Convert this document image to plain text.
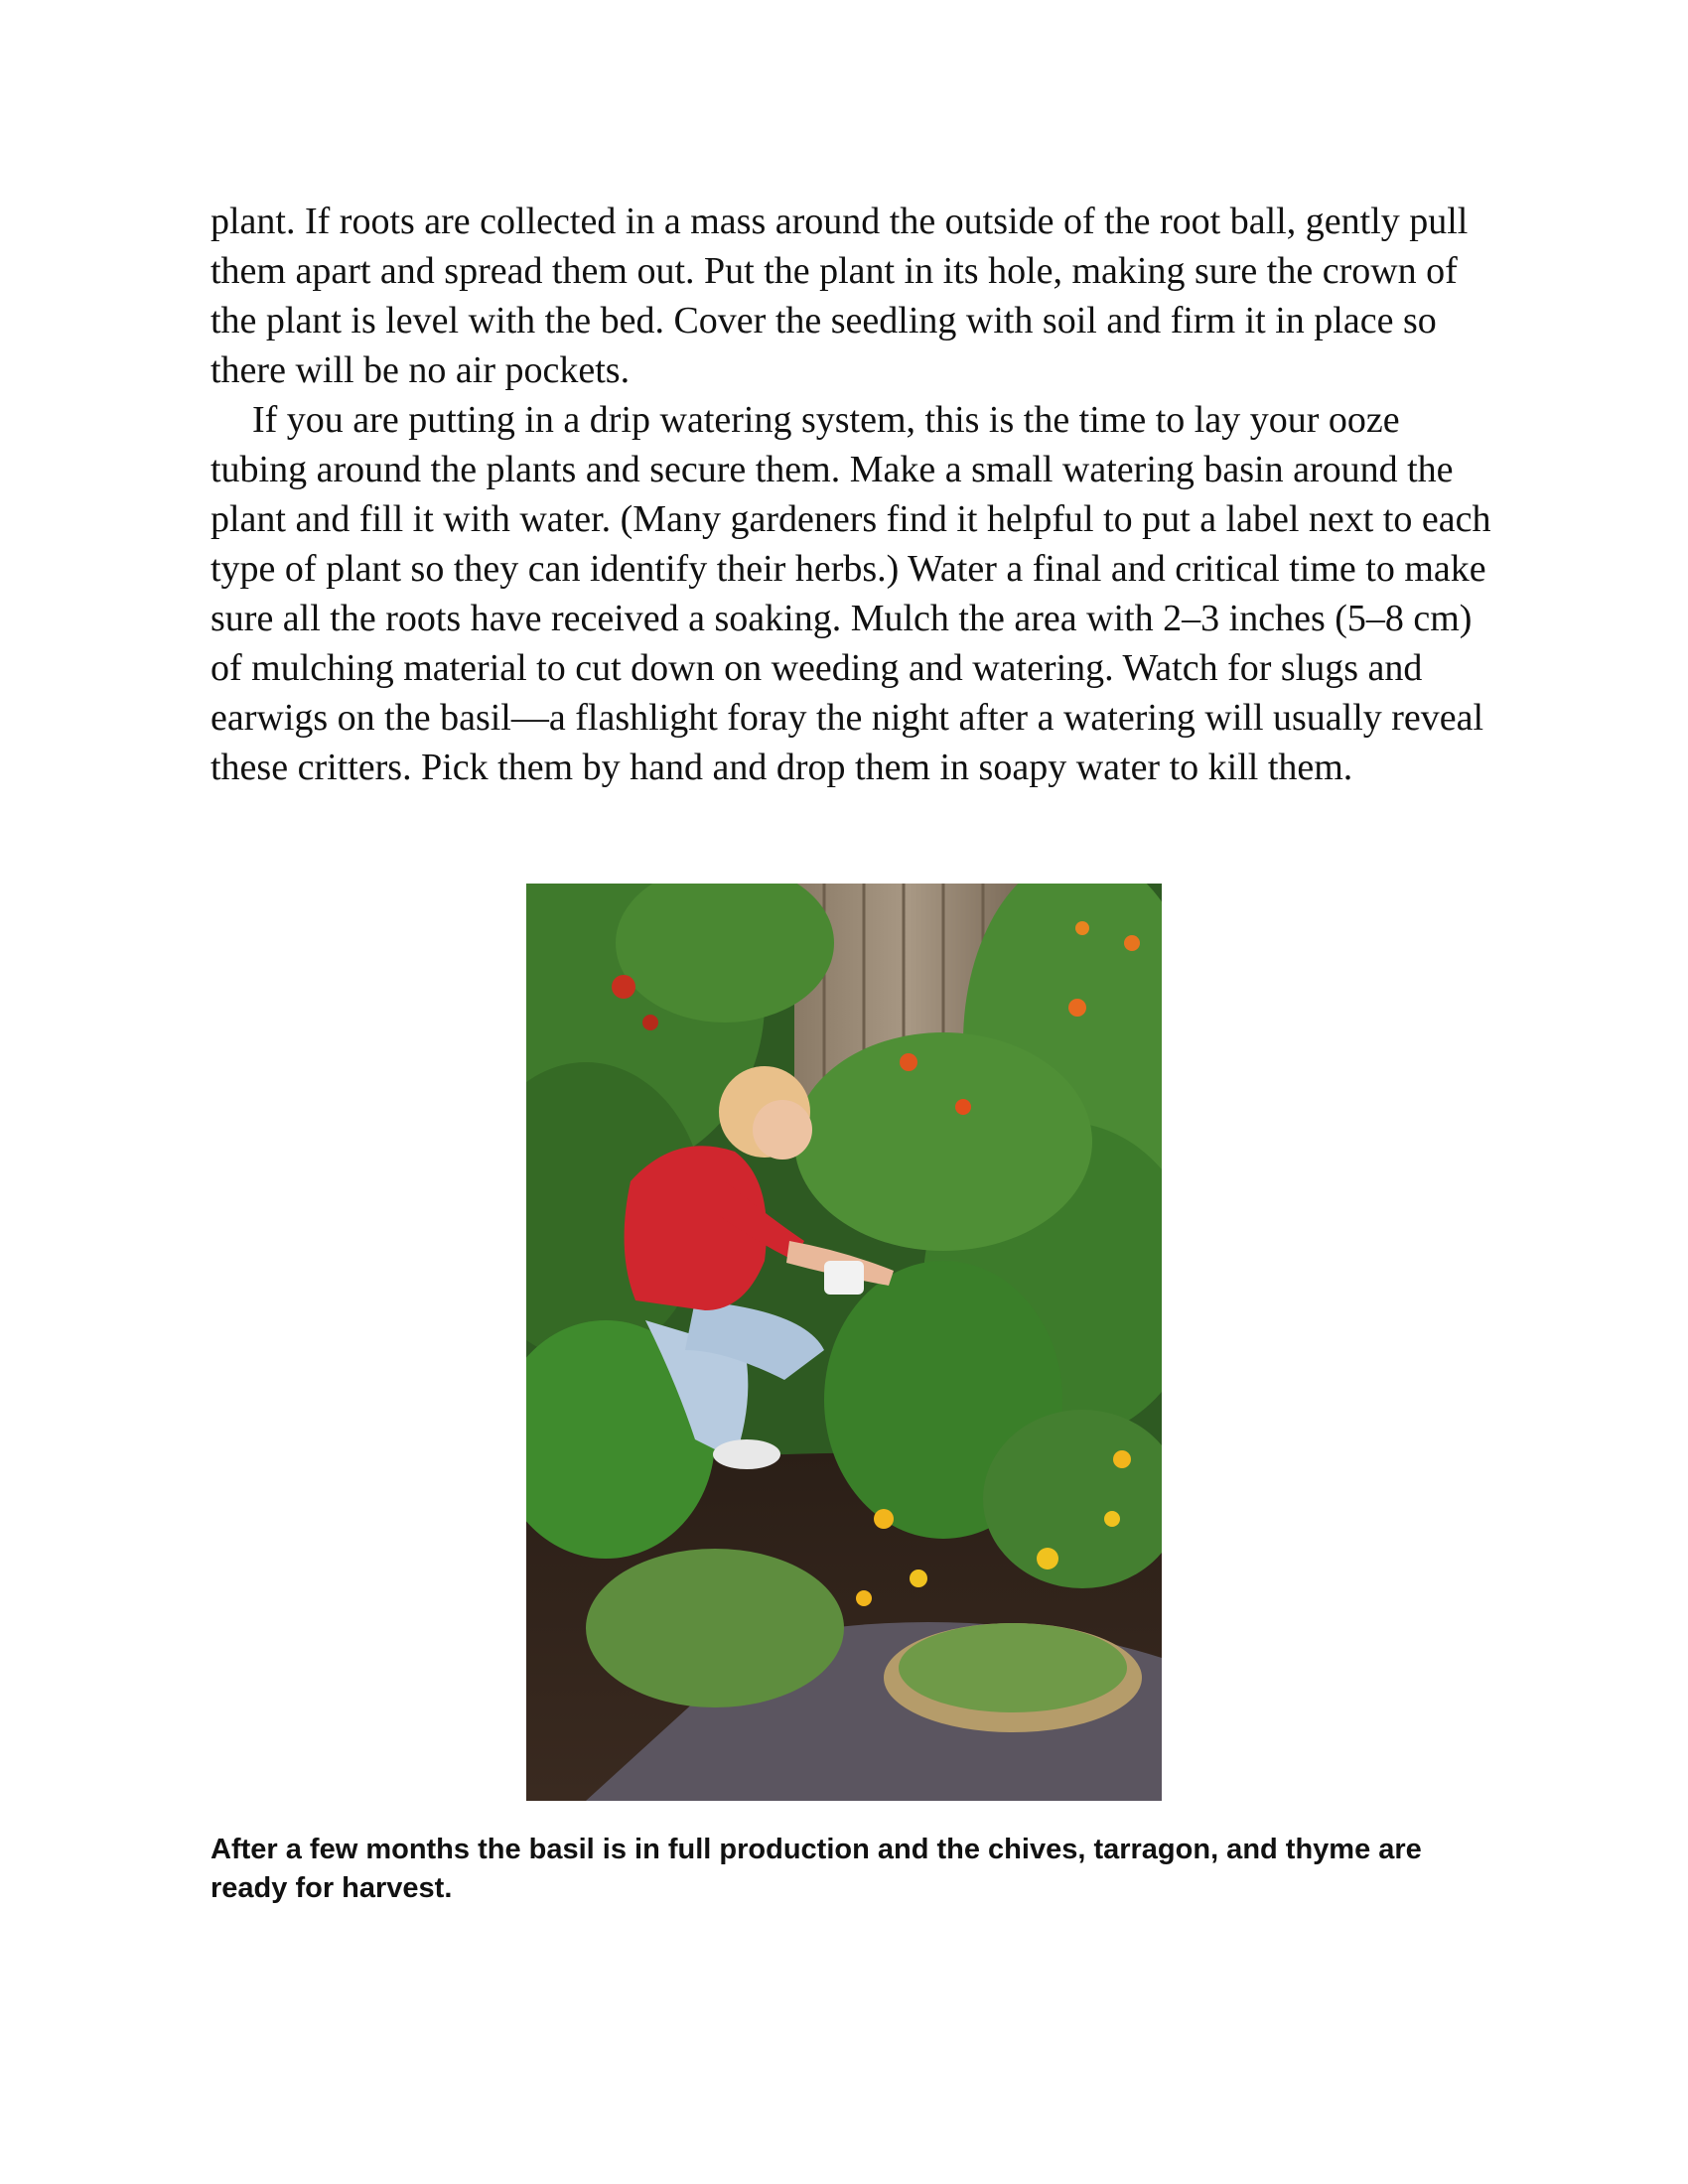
plant. If roots are collected in a mass around the outside of the root ball, gently pull them apart and spread them out. Put the plant in its hole, making sure the crown of the plant is level with the bed. Cover the seedling with soil and firm it in place so there will be no air pockets.

If you are putting in a drip watering system, this is the time to lay your ooze tubing around the plants and secure them. Make a small watering basin around the plant and fill it with water. (Many gardeners find it helpful to put a label next to each type of plant so they can identify their herbs.) Water a final and critical time to make sure all the roots have received a soaking. Mulch the area with 2–3 inches (5–8 cm) of mulching material to cut down on weeding and watering. Watch for slugs and earwigs on the basil—a flashlight foray the night after a watering will usually reveal these critters. Pick them by hand and drop them in soapy water to kill them.

After a few months the basil is in full production and the chives, tarragon, and thyme are ready for harvest.
